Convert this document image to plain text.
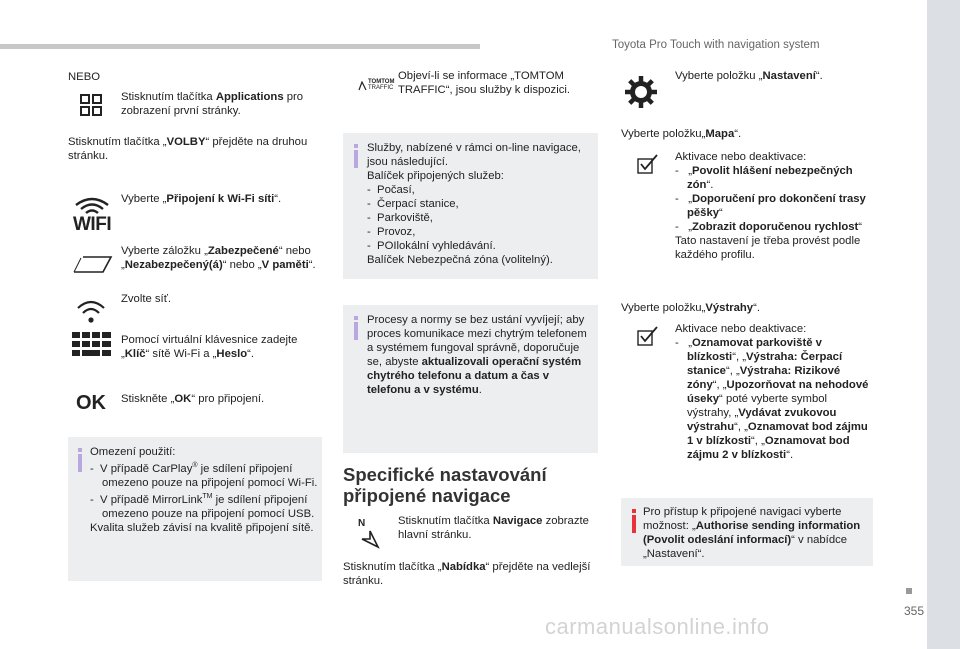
Toyota Pro Touch with navigation system
355
carmanualsonline.info
NEBO
Stisknutím tlačítka Applications pro zobrazení první stránky.
Stisknutím tlačítka „VOLBY“ přejděte na druhou stránku.
WIFI
Vyberte „Připojení k Wi-Fi síti“.
Vyberte záložku „Zabezpečené“ nebo „Nezabezpečený(á)“ nebo „V paměti“.
Zvolte síť.
Pomocí virtuální klávesnice zadejte „Klíč“ sítě Wi-Fi a „Heslo“.
OK Stiskněte „OK“ pro připojení.
Omezení použití:
- V případě CarPlay® je sdílení připojení omezeno pouze na připojení pomocí Wi-Fi.
- V případě MirrorLink™ je sdílení připojení omezeno pouze na připojení pomocí USB.
Kvalita služeb závisí na kvalitě připojení sítě.
TOMTOM
TRAFFIC
Objeví-li se informace „TOMTOM TRAFFIC“, jsou služby k dispozici.
Služby, nabízené v rámci on-line navigace, jsou následující.
Balíček připojených služeb:
- Počasí,
- Čerpací stanice,
- Parkoviště,
- Provoz,
- POIlokální vyhledávání.
Balíček Nebezpečná zóna (volitelný).
Procesy a normy se bez ustání vyvíjejí; aby proces komunikace mezi chytrým telefonem a systémem fungoval správně, doporučuje se, abyste aktualizovali operační systém chytrého telefonu a datum a čas v telefonu a v systému.
Specifické nastavování připojené navigace
N	Stisknutím tlačítka Navigace zobrazte hlavní stránku.
Stisknutím tlačítka „Nabídka“ přejděte na vedlejší stránku.
Vyberte položku „Nastavení“.
Vyberte položku„Mapa“.
Aktivace nebo deaktivace:
- „Povolit hlášení nebezpečných zón“.
- „Doporučení pro dokončení trasy pěšky“
- „Zobrazit doporučenou rychlost“
Tato nastavení je třeba provést podle každého profilu.
Vyberte položku„Výstrahy“.
Aktivace nebo deaktivace:
- „Oznamovat parkoviště v blízkosti“, „Výstraha: Čerpací stanice“, „Výstraha: Rizikové zóny“, „Upozorňovat na nehodové úseky“ poté vyberte symbol výstrahy, „Vydávat zvukovou výstrahu“, „Oznamovat bod zájmu 1 v blízkosti“, „Oznamovat bod zájmu 2 v blízkosti“.
Pro přístup k připojené navigaci vyberte možnost: „Authorise sending information (Povolit odeslání informací)“ v nabídce „Nastavení“.
